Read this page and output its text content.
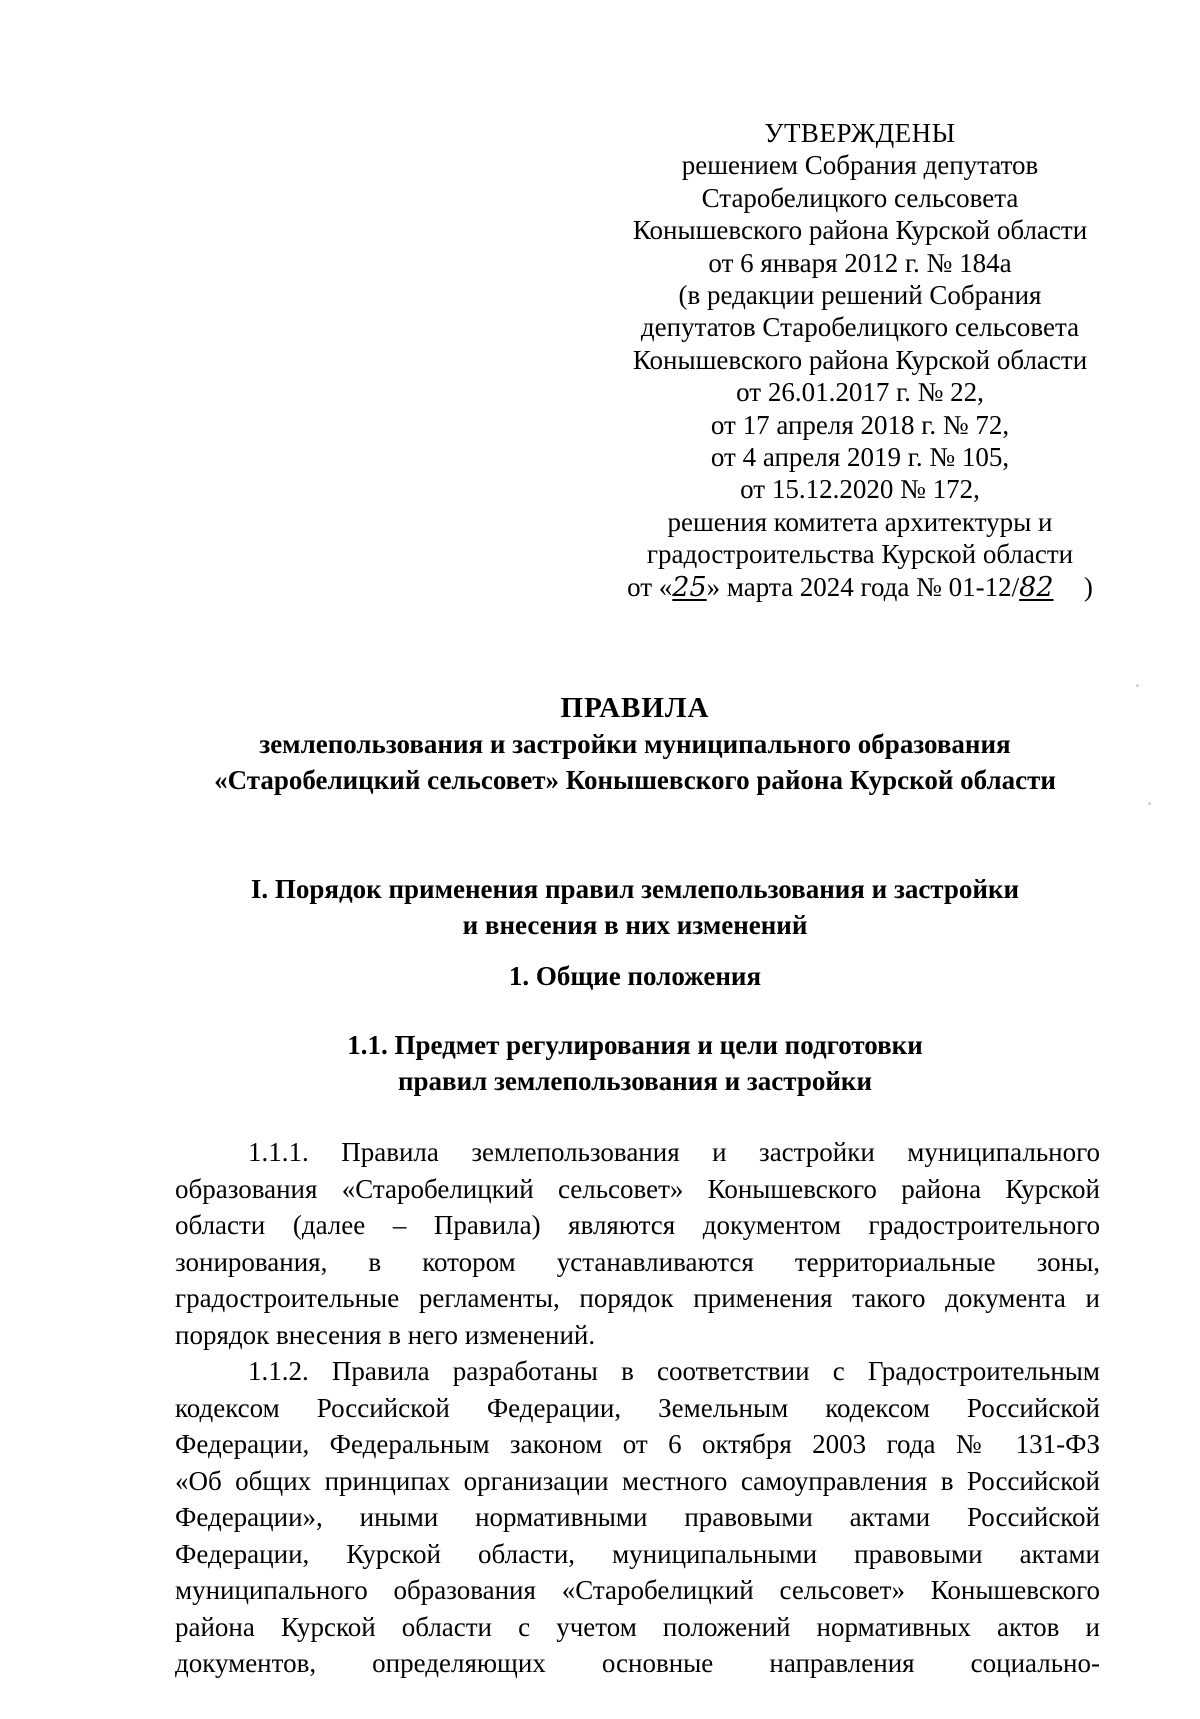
УТВЕРЖДЕНЫ
решением Собрания депутатов
Старобелицкого сельсовета
Конышевского района Курской области
от 6 января 2012 г. № 184а
(в редакции решений Собрания
депутатов Старобелицкого сельсовета
Конышевского района Курской области
от 26.01.2017 г. № 22,
от 17 апреля 2018 г. № 72,
от 4 апреля 2019 г. № 105,
от 15.12.2020 № 172,
решения комитета архитектуры и
градостроительства Курской области
от «25» марта 2024 года № 01-12/82 )
ПРАВИЛА
землепользования и застройки муниципального образования
«Старобелицкий сельсовет» Конышевского района Курской области
I. Порядок применения правил землепользования и застройки
и внесения в них изменений
1. Общие положения
1.1. Предмет регулирования и цели подготовки
правил землепользования и застройки
1.1.1. Правила землепользования и застройки муниципального
образования «Старобелицкий сельсовет» Конышевского района Курской
области (далее – Правила) являются документом градостроительного
зонирования, в котором устанавливаются территориальные зоны,
градостроительные регламенты, порядок применения такого документа и
порядок внесения в него изменений.
1.1.2. Правила разработаны в соответствии с Градостроительным
кодексом Российской Федерации, Земельным кодексом Российской
Федерации, Федеральным законом от 6 октября 2003 года № 131-ФЗ
«Об общих принципах организации местного самоуправления в Российской
Федерации», иными нормативными правовыми актами Российской
Федерации, Курской области, муниципальными правовыми актами
муниципального образования «Старобелицкий сельсовет» Конышевского
района Курской области с учетом положений нормативных актов и
документов, определяющих основные направления социально-
